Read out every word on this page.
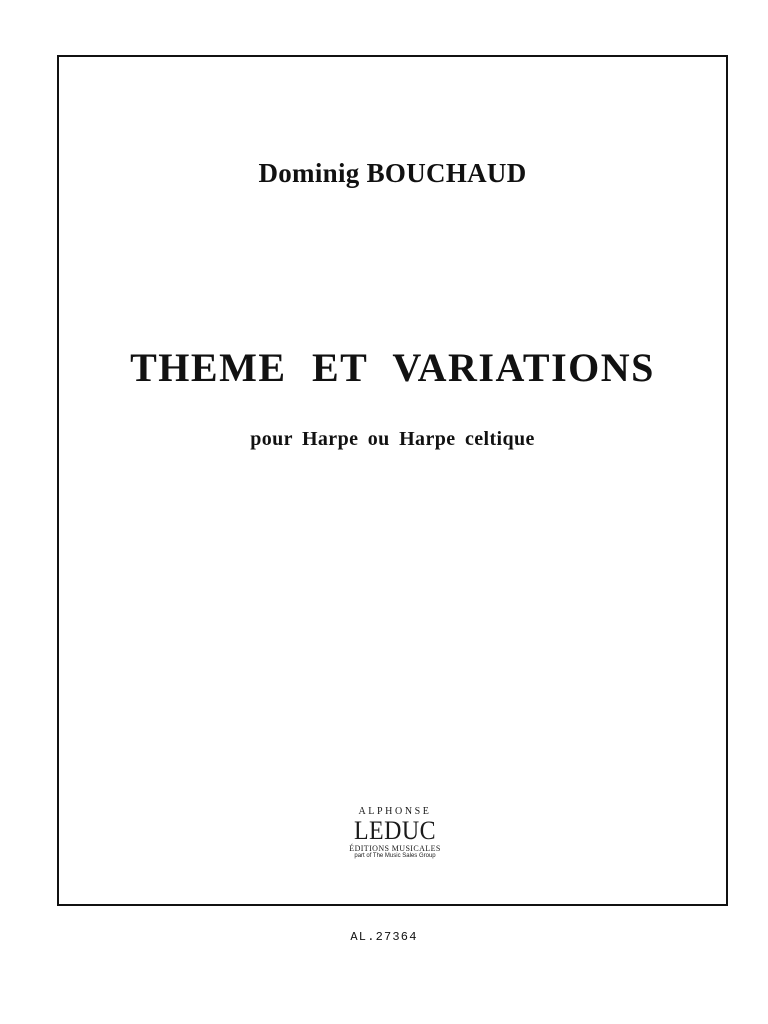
Dominig BOUCHAUD
THEME ET VARIATIONS
pour Harpe ou Harpe celtique
ALPHONSE
LEDUC
ÉDITIONS MUSICALES
part of The Music Sales Group
AL.27364
